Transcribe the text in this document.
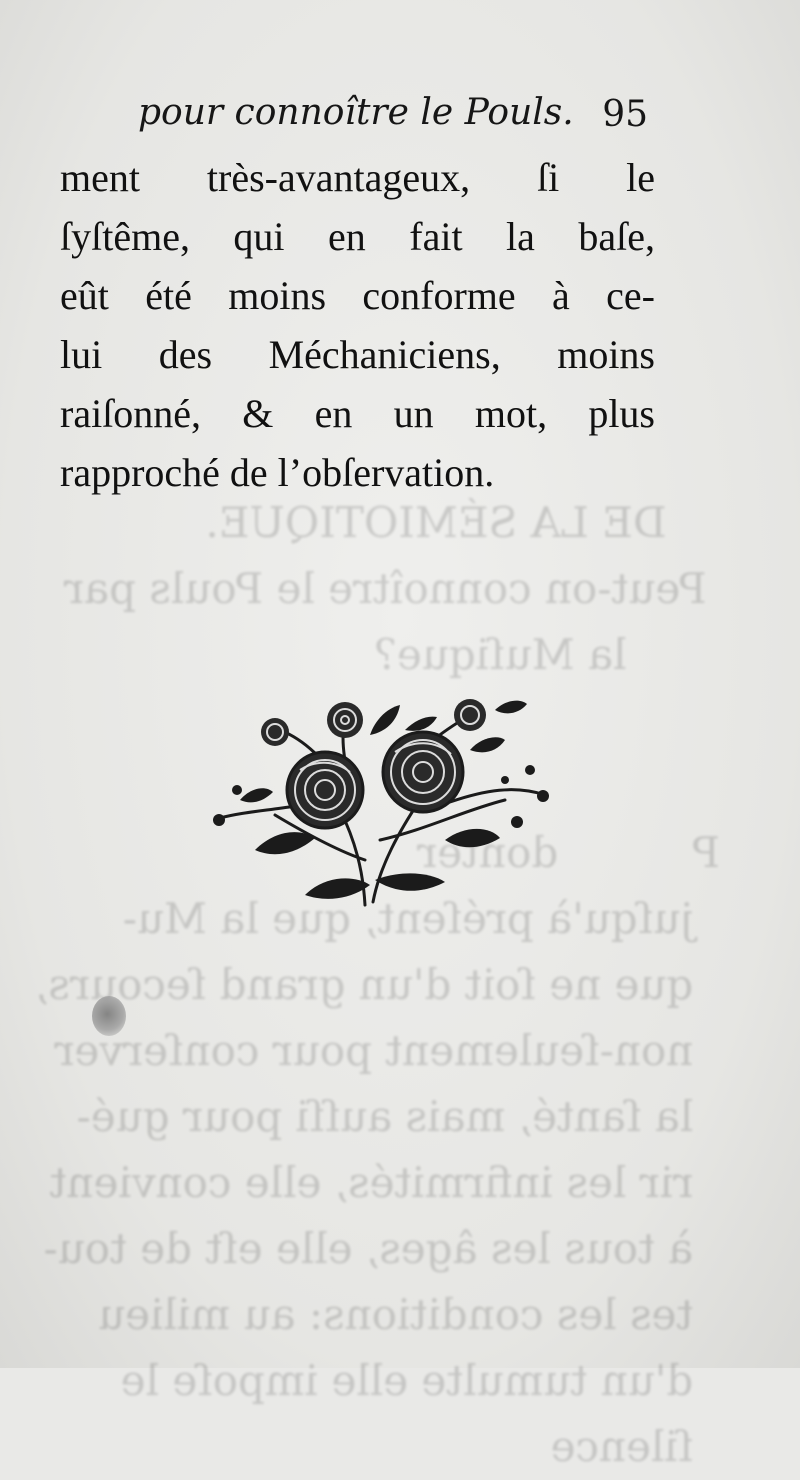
DE LA SÉMIOTIQUE.
Peut-on connoître le Pouls par
la Muſique?

P          donter
juſqu'à préſent, que la Mu-
que ne ſoit d'un grand ſecours,
non-ſeulement pour conſerver
la ſanté, mais auſſi pour gué-
rir les infirmités, elle convient
à tous les âges, elle eſt de tou-
tes les conditions: au milieu
d'un tumulte elle impoſe le
ſilence
pour connoître le Pouls. 95
ment très-avantageux, ſi le
ſyſtême, qui en fait la baſe,
eût été moins conforme à ce-
lui des Méchaniciens, moins
raiſonné, & en un mot, plus
rapproché de l’obſervation.
